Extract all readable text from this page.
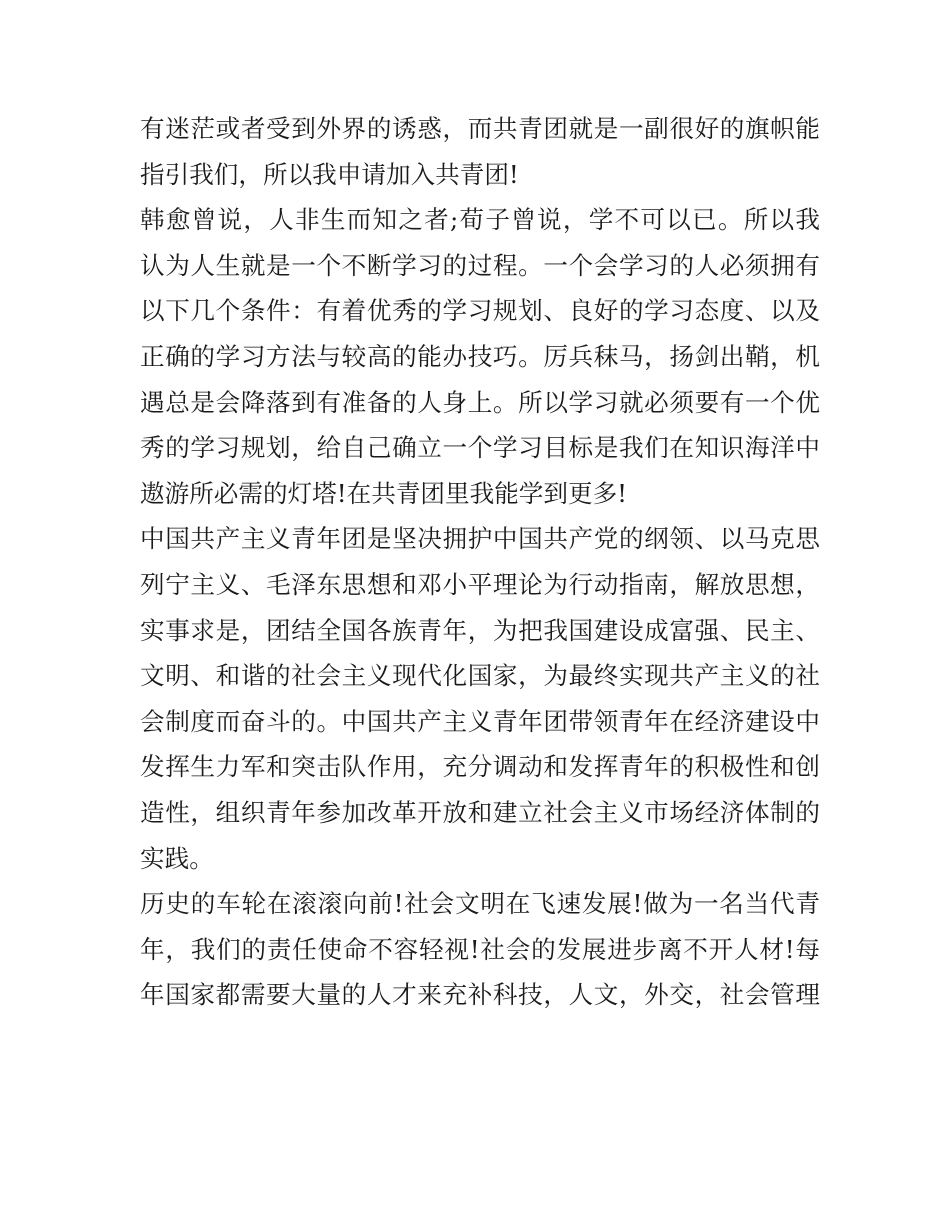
有迷茫或者受到外界的诱惑，而共青团就是一副很好的旗帜能
指引我们，所以我申请加入共青团!
韩愈曾说，人非生而知之者;荀子曾说，学不可以已。所以我
认为人生就是一个不断学习的过程。一个会学习的人必须拥有
以下几个条件：有着优秀的学习规划、良好的学习态度、以及
正确的学习方法与较高的能办技巧。厉兵秣马，扬剑出鞘，机
遇总是会降落到有准备的人身上。所以学习就必须要有一个优
秀的学习规划，给自己确立一个学习目标是我们在知识海洋中
遨游所必需的灯塔!在共青团里我能学到更多!
中国共产主义青年团是坚决拥护中国共产党的纲领、以马克思
列宁主义、毛泽东思想和邓小平理论为行动指南，解放思想，
实事求是，团结全国各族青年，为把我国建设成富强、民主、
文明、和谐的社会主义现代化国家，为最终实现共产主义的社
会制度而奋斗的。中国共产主义青年团带领青年在经济建设中
发挥生力军和突击队作用，充分调动和发挥青年的积极性和创
造性，组织青年参加改革开放和建立社会主义市场经济体制的
实践。
历史的车轮在滚滚向前!社会文明在飞速发展!做为一名当代青
年，我们的责任使命不容轻视!社会的发展进步离不开人材!每
年国家都需要大量的人才来充补科技，人文，外交，社会管理
